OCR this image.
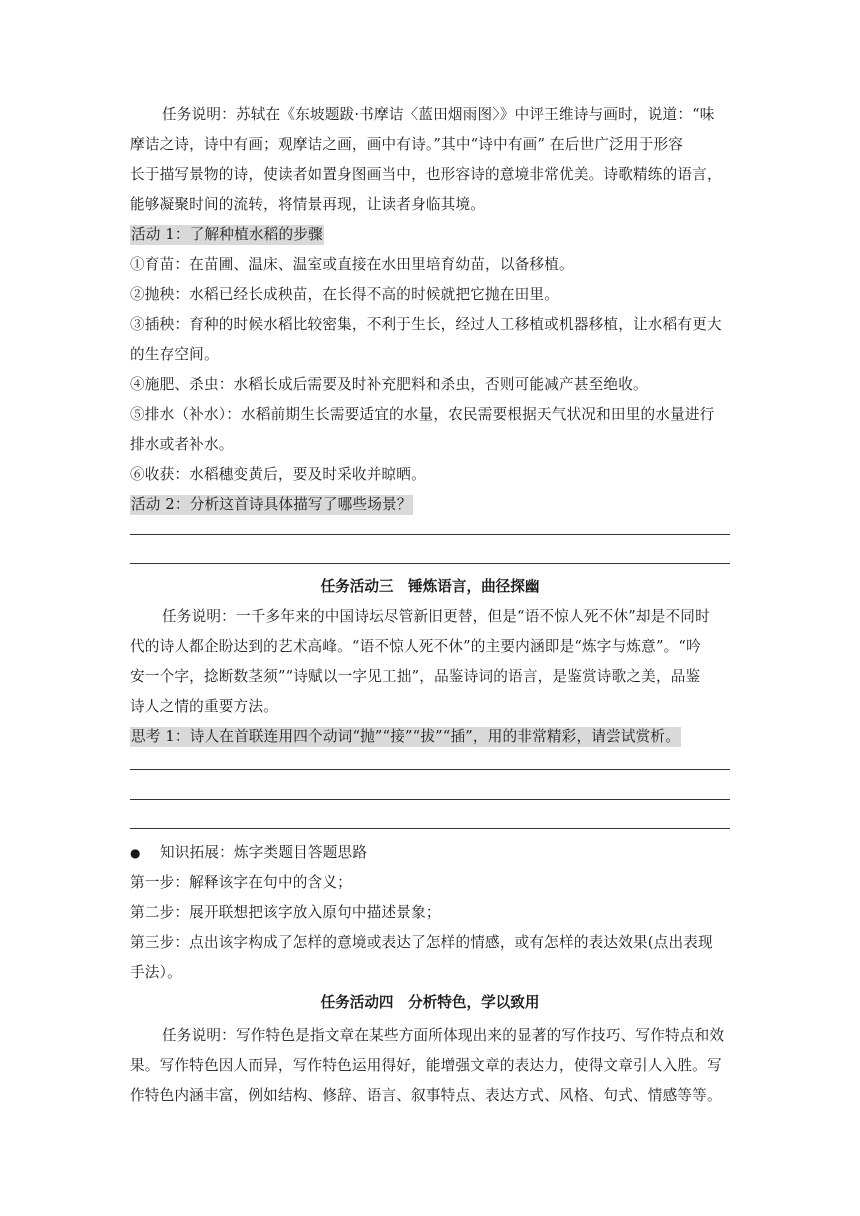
任务说明：苏轼在《东坡题跋·书摩诘〈蓝田烟雨图〉》中评王维诗与画时，说道：“味
摩诘之诗，诗中有画；观摩诘之画，画中有诗。”其中“诗中有画” 在后世广泛用于形容
长于描写景物的诗，使读者如置身图画当中，也形容诗的意境非常优美。诗歌精练的语言，
能够凝聚时间的流转，将情景再现，让读者身临其境。
活动 1：了解种植水稻的步骤
①育苗：在苗圃、温床、温室或直接在水田里培育幼苗，以备移植。
②抛秧：水稻已经长成秧苗，在长得不高的时候就把它抛在田里。
③插秧：育种的时候水稻比较密集，不利于生长，经过人工移植或机器移植，让水稻有更大
的生存空间。
④施肥、杀虫：水稻长成后需要及时补充肥料和杀虫，否则可能减产甚至绝收。
⑤排水（补水）：水稻前期生长需要适宜的水量，农民需要根据天气状况和田里的水量进行
排水或者补水。
⑥收获：水稻穗变黄后，要及时采收并晾晒。
活动 2：分析这首诗具体描写了哪些场景？
任务活动三　锤炼语言，曲径探幽
任务说明：一千多年来的中国诗坛尽管新旧更替，但是“语不惊人死不休”却是不同时
代的诗人都企盼达到的艺术高峰。“语不惊人死不休”的主要内涵即是“炼字与炼意”。“吟
安一个字，捻断数茎须”“诗赋以一字见工拙”，品鉴诗词的语言，是鉴赏诗歌之美，品鉴
诗人之情的重要方法。
思考 1：诗人在首联连用四个动词“抛”“接”“拔”“插”，用的非常精彩，请尝试赏析。
● 知识拓展：炼字类题目答题思路
第一步：解释该字在句中的含义；
第二步：展开联想把该字放入原句中描述景象；
第三步：点出该字构成了怎样的意境或表达了怎样的情感，或有怎样的表达效果(点出表现
手法）。
任务活动四　分析特色，学以致用
任务说明：写作特色是指文章在某些方面所体现出来的显著的写作技巧、写作特点和效
果。写作特色因人而异，写作特色运用得好，能增强文章的表达力，使得文章引人入胜。写
作特色内涵丰富，例如结构、修辞、语言、叙事特点、表达方式、风格、句式、情感等等。
